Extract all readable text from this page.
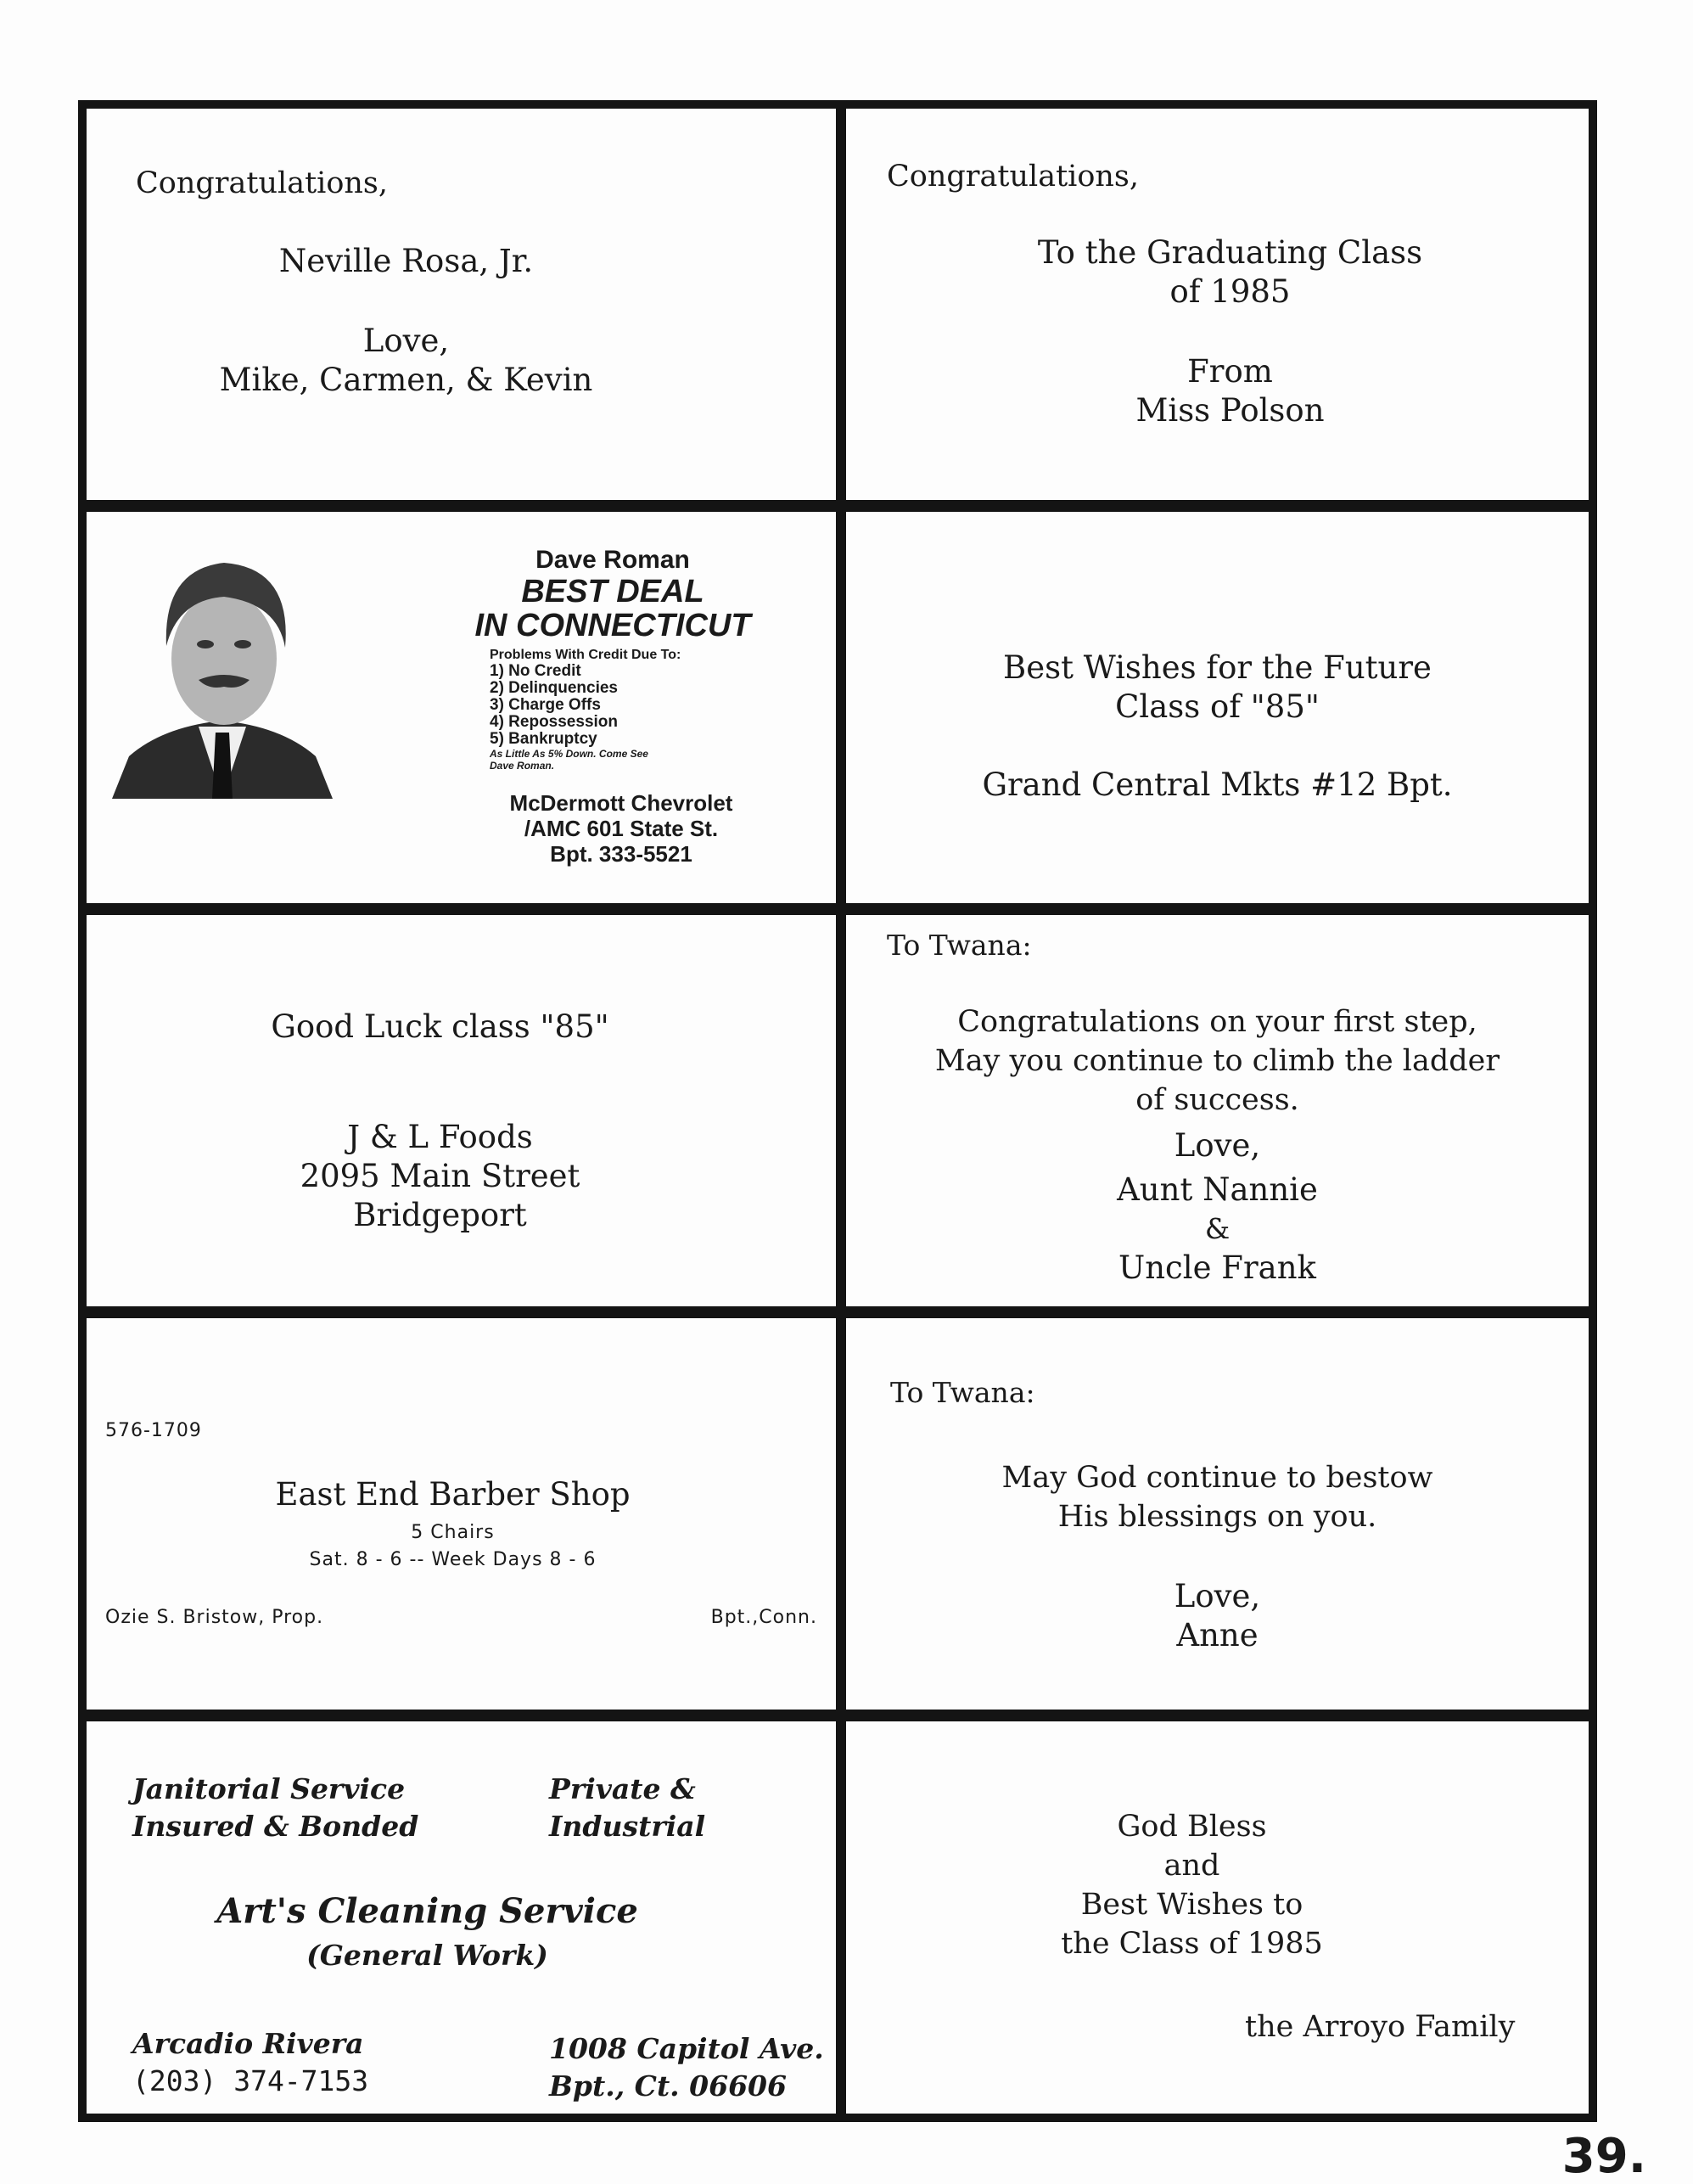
Congratulations,
Neville Rosa, Jr.
Love,
Mike, Carmen, & Kevin
Congratulations,
To the Graduating Class
of 1985
From
Miss Polson
Dave Roman
BEST DEAL
IN CONNECTICUT
Problems With Credit Due To:
1) No Credit
2) Delinquencies
3) Charge Offs
4) Repossession
5) Bankruptcy
As Little As 5% Down. Come See
Dave Roman.
McDermott Chevrolet
/AMC 601 State St.
Bpt. 333-5521
Best Wishes for the Future
Class of "85"
Grand Central Mkts #12 Bpt.
Good Luck class "85"
J & L Foods
2095 Main Street
Bridgeport
To Twana:
Congratulations on your first step,
May you continue to climb the ladder
of success.
Love,
Aunt Nannie
&
Uncle Frank
576-1709
East End Barber Shop
5 Chairs
Sat. 8 - 6 -- Week Days 8 - 6
Ozie S. Bristow, Prop.	Bpt.,Conn.
To Twana:
May God continue to bestow
His blessings on you.
Love,
Anne
Janitorial Service
Insured & Bonded
Private &
Industrial
Art's Cleaning Service
(General Work)
Arcadio Rivera
(203) 374-7153
1008 Capitol Ave.
Bpt., Ct. 06606
God Bless
and
Best Wishes to
the Class of 1985
the Arroyo Family
39.
